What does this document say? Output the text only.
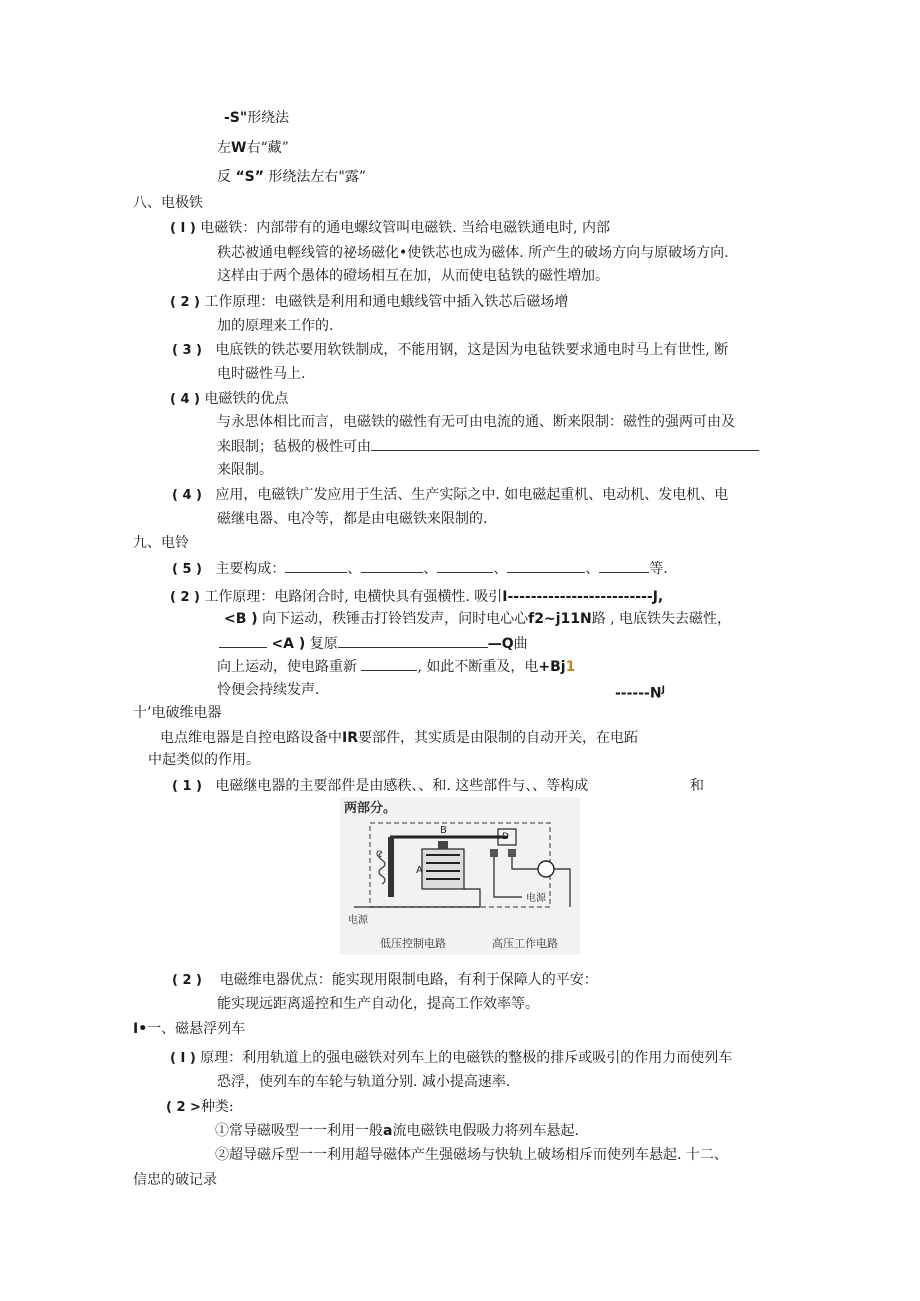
-S"形绕法
左W右“藏”
反 “S” 形绕法左右"露”
八、电极铁
( I ) 电磁铁：内部带有的通电螺纹管叫电磁铁. 当给电磁铁通电时, 内部
秩芯被通电輕线管的祕场磁化•使铁芯也成为磁体. 所产生的破场方向与原破场方向.
这样由于两个愚体的磴场相互在加，从而使电毡铁的磁性増加。
( 2 ) 工作原理：电磁铁是利用和通电蛾线管中插入铁芯后磁场增
加的原理来工作的.
( 3 ) 电底铁的铁芯要用软铁制成，不能用钢，这是因为电毡铁要求通电时马上有世性, 断
电时磁性马上.
( 4 ) 电磁铁的优点
与永思体相比而言，电磁铁的磁性有无可由电流的通、断来限制：磁性的强两可由及
来眼制；毡极的极性可由
来限制。
( 4 ) 应用，电磁铁广发应用于生活、生产实际之中. 如电磁起重机、电动机、发电机、电
磁继电器、电冷等，都是由电磁铁来限制的.
九、电铃
( 5 ) 主要构成：	、	、	、	、	等.
( 2 ) 工作原理：电路闭合时, 电横快具有强横性. 吸引I-------------------------J,
<B ) 向下运动，秩锤击打铃铛发声，问时电心心f2~j11N路 , 电底铁失去磁性，
<A ) 复原	—Q曲
向上运动，使电路重新	, 如此不断重及，电+Bj1
怜便会持续发声.	$------N^J$
十’电破维电器
电点维电器是自控电路设备中IR要部件，其实质是由限制的自动开关，在电跖
中起类似的作用。
( 1 ) 电磁继电器的主要部件是由感秩、、和. 这些部件与、、等构成	和
两部分。
B
C
A
D
电源
电源
低压控制电路	高压工作电路
( 2 ) 电磁维电器优点：能实现用限制电路，有利于保障人的平安：
能实现远距离遥控和生产自动化，提高工作效率等。
I•一、磁悬浮列车
( I ) 原理：利用轨道上的强电磁铁对列车上的电磁铁的整极的排斥或吸引的作用力而使列车
恐浮，使列车的车轮与轨道分别. 减小提高速率.
( 2 >种类:
①常导磁吸型一一利用一般a流电磁铁电假吸力将列车悬起.
②超导磁斥型一一利用超导磁体产生强磁场与快轨上破场相斥而使列车悬起. 十二、
信忠的破记录
